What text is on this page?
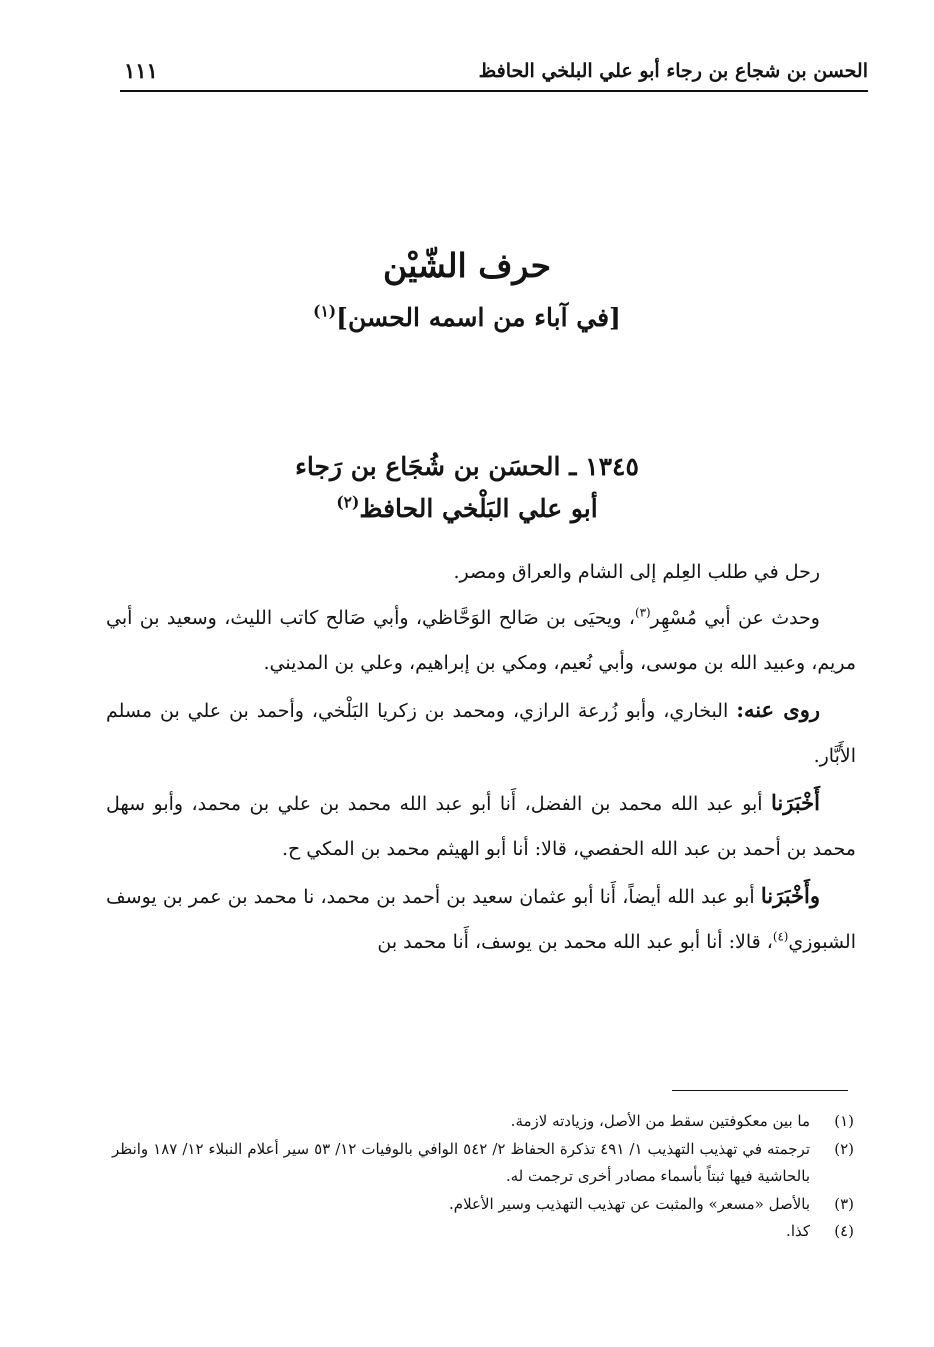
الحسن بن شجاع بن رجاء أبو علي البلخي الحافظ
١١١
حرف الشّيْن
[في آباء من اسمه الحسن]$^{(١)}$
١٣٤٥ ـ الحسَن بن شُجَاع بن رَجاء
أبو علي البَلْخي الحافظ$^{(٢)}$

رحل في طلب العِلم إلى الشام والعراق ومصر.

وحدث عن أبي مُسْهِر$^{(٣)}$، ويحيَى بن صَالح الوَحَّاظي، وأبي صَالح كاتب الليث، وسعيد بن أبي مريم، وعبيد الله بن موسى، وأبي نُعيم، ومكي بن إبراهيم، وعلي بن المديني.

روى عنه: البخاري، وأبو زُرعة الرازي، ومحمد بن زكريا البَلْخي، وأحمد بن علي بن مسلم الأَبَّار.

أَخْبَرَنا أبو عبد الله محمد بن الفضل، أَنا أبو عبد الله محمد بن علي بن محمد، وأبو سهل محمد بن أحمد بن عبد الله الحفصي، قالا: أنا أبو الهيثم محمد بن المكي ح.

وأَخْبَرَنا أبو عبد الله أيضاً، أَنا أبو عثمان سعيد بن أحمد بن محمد، نا محمد بن عمر بن يوسف الشبوزي$^{(٤)}$، قالا: أنا أبو عبد الله محمد بن يوسف، أَنا محمد بن

(١)
ما بين معكوفتين سقط من الأصل، وزيادته لازمة.
(٢)
ترجمته في تهذيب التهذيب ١/ ٤٩١ تذكرة الحفاظ ٢/ ٥٤٢ الوافي بالوفيات ١٢/ ٥٣ سير أعلام النبلاء ١٢/ ١٨٧ وانظر بالحاشية فيها ثبتاً بأسماء مصادر أخرى ترجمت له.
(٣)
بالأصل «مسعر» والمثبت عن تهذيب التهذيب وسير الأعلام.
(٤)
كذا.
